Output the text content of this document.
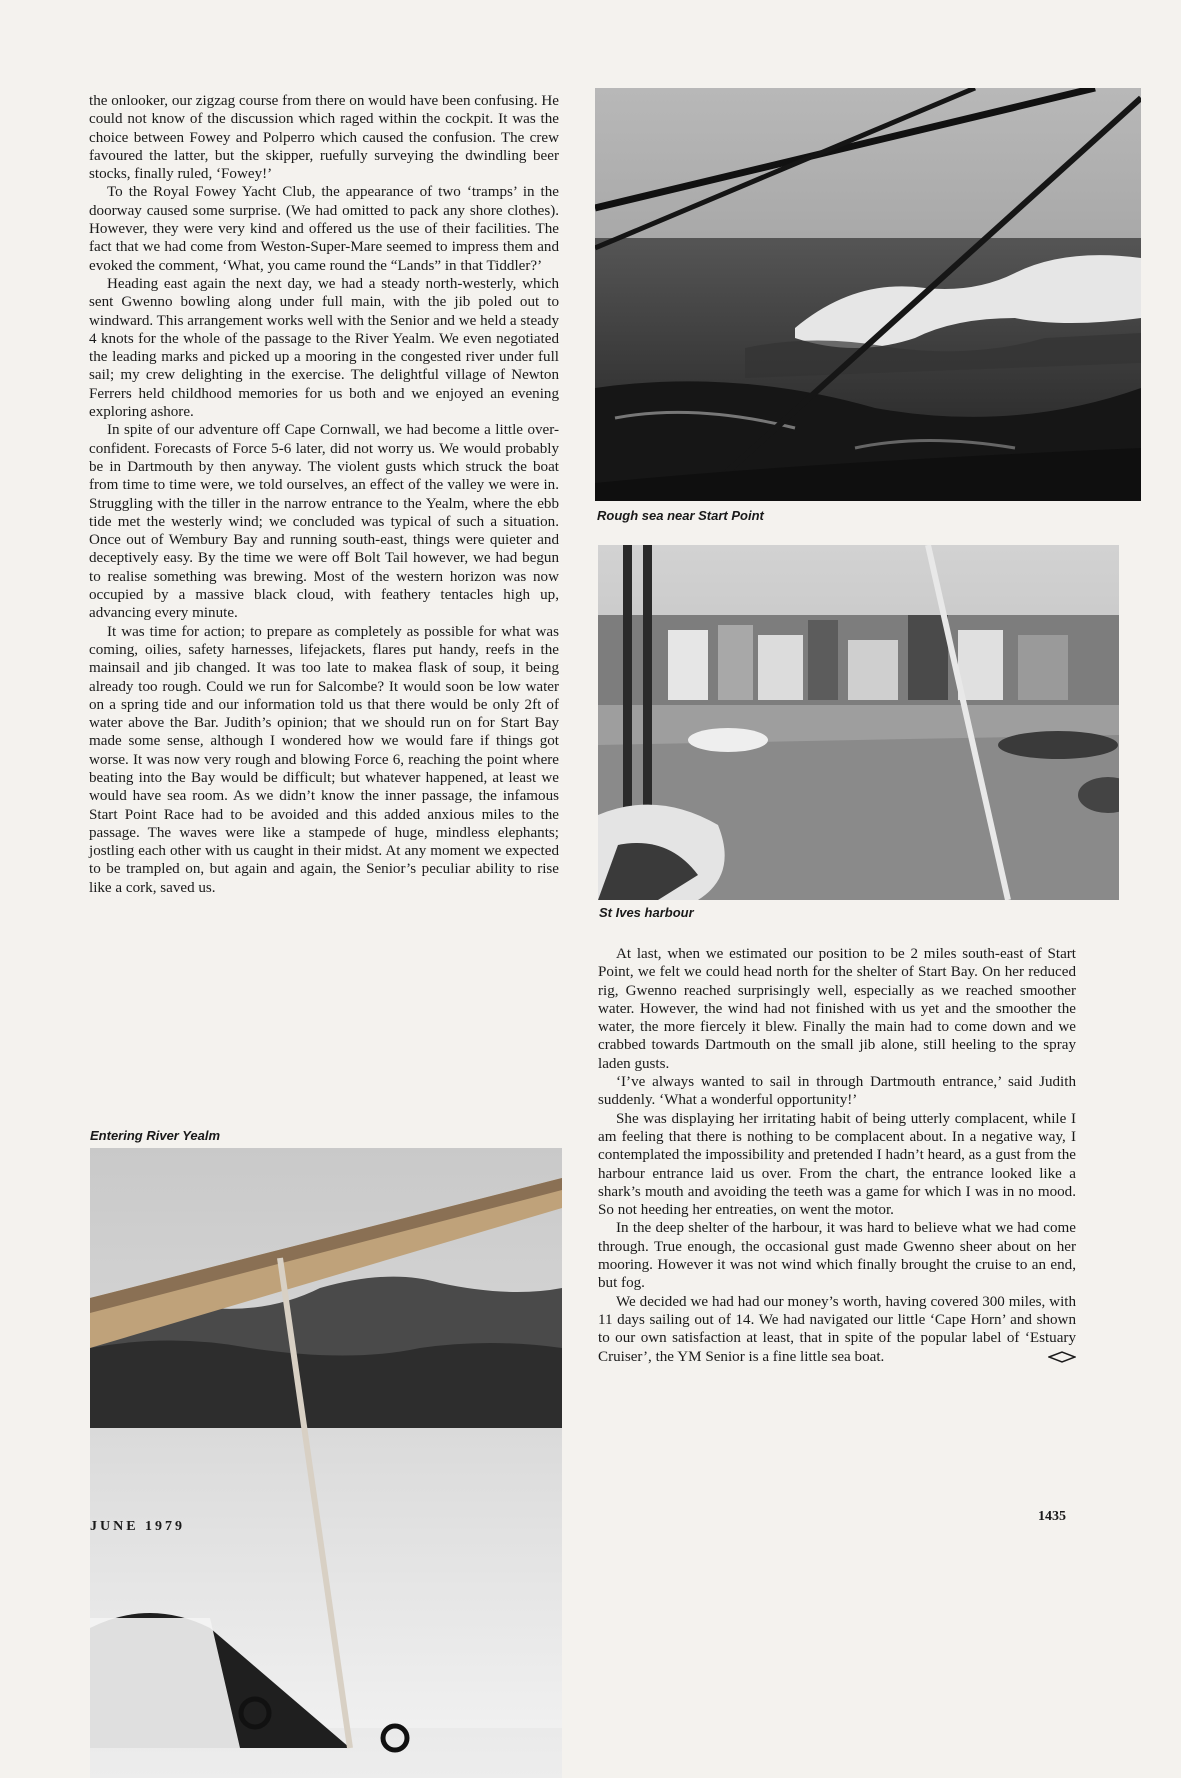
the onlooker, our zigzag course from there on would have been confusing. He could not know of the discussion which raged within the cockpit. It was the choice between Fowey and Polperro which caused the confusion. The crew favoured the latter, but the skipper, ruefully surveying the dwindling beer stocks, finally ruled, ‘Fowey!’

To the Royal Fowey Yacht Club, the appearance of two ‘tramps’ in the doorway caused some surprise. (We had omitted to pack any shore clothes). However, they were very kind and offered us the use of their facilities. The fact that we had come from Weston-Super-Mare seemed to impress them and evoked the comment, ‘What, you came round the “Lands” in that Tiddler?’

Heading east again the next day, we had a steady north-westerly, which sent Gwenno bowling along under full main, with the jib poled out to windward. This arrangement works well with the Senior and we held a steady 4 knots for the whole of the passage to the River Yealm. We even negotiated the leading marks and picked up a mooring in the congested river under full sail; my crew delighting in the exercise. The delightful village of Newton Ferrers held childhood memories for us both and we enjoyed an evening exploring ashore.

In spite of our adventure off Cape Cornwall, we had become a little over-confident. Forecasts of Force 5-6 later, did not worry us. We would probably be in Dartmouth by then anyway. The violent gusts which struck the boat from time to time were, we told ourselves, an effect of the valley we were in. Struggling with the tiller in the narrow entrance to the Yealm, where the ebb tide met the westerly wind; we concluded was typical of such a situation. Once out of Wembury Bay and running south-east, things were quieter and deceptively easy. By the time we were off Bolt Tail however, we had begun to realise something was brewing. Most of the western horizon was now occupied by a massive black cloud, with feathery tentacles high up, advancing every minute.

It was time for action; to prepare as completely as possible for what was coming, oilies, safety harnesses, lifejackets, flares put handy, reefs in the mainsail and jib changed. It was too late to makea flask of soup, it being already too rough. Could we run for Salcombe? It would soon be low water on a spring tide and our information told us that there would be only 2ft of water above the Bar. Judith’s opinion; that we should run on for Start Bay made some sense, although I wondered how we would fare if things got worse. It was now very rough and blowing Force 6, reaching the point where beating into the Bay would be difficult; but whatever happened, at least we would have sea room. As we didn’t know the inner passage, the infamous Start Point Race had to be avoided and this added anxious miles to the passage. The waves were like a stampede of huge, mindless elephants; jostling each other with us caught in their midst. At any moment we expected to be trampled on, but again and again, the Senior’s peculiar ability to rise like a cork, saved us.

Entering River Yealm
Rough sea near Start Point
St Ives harbour

At last, when we estimated our position to be 2 miles south-east of Start Point, we felt we could head north for the shelter of Start Bay. On her reduced rig, Gwenno reached surprisingly well, especially as we reached smoother water. However, the wind had not finished with us yet and the smoother the water, the more fiercely it blew. Finally the main had to come down and we crabbed towards Dartmouth on the small jib alone, still heeling to the spray laden gusts.

‘I’ve always wanted to sail in through Dartmouth entrance,’ said Judith suddenly. ‘What a wonderful opportunity!’

She was displaying her irritating habit of being utterly complacent, while I am feeling that there is nothing to be complacent about. In a negative way, I contemplated the impossibility and pretended I hadn’t heard, as a gust from the harbour entrance laid us over. From the chart, the entrance looked like a shark’s mouth and avoiding the teeth was a game for which I was in no mood. So not heeding her entreaties, on went the motor.

In the deep shelter of the harbour, it was hard to believe what we had come through. True enough, the occasional gust made Gwenno sheer about on her mooring. However it was not wind which finally brought the cruise to an end, but fog.

We decided we had had our money’s worth, having covered 300 miles, with 11 days sailing out of 14. We had navigated our little ‘Cape Horn’ and shown to our own satisfaction at least, that in spite of the popular label of ‘Estuary Cruiser’, the YM Senior is a fine little sea boat.

JUNE 1979
1435
